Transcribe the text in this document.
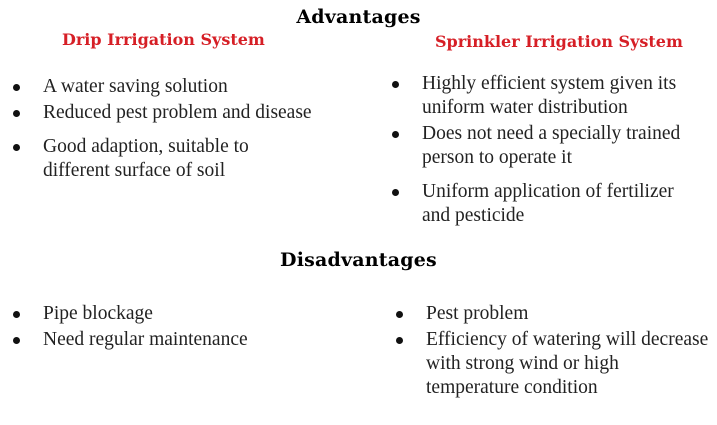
Advantages
Drip Irrigation System	Sprinkler Irrigation System
A water saving solution
Reduced pest problem and disease
Good adaption, suitable to different surface of soil
Highly efficient system given its uniform water distribution
Does not need a specially trained person to operate it
Uniform application of fertilizer and pesticide
Disadvantages
Pipe blockage
Need regular maintenance
Pest problem
Efficiency of watering will decrease with strong wind or high temperature condition
